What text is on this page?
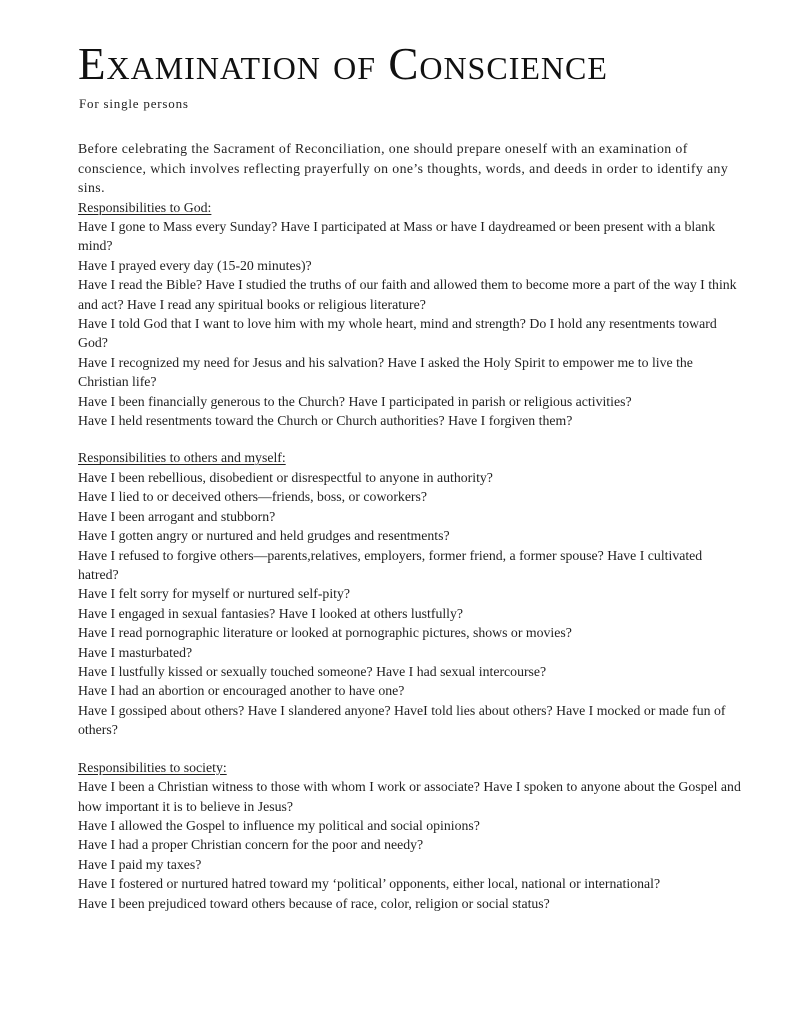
Examination of Conscience
For single persons

Before celebrating the Sacrament of Reconciliation, one should prepare oneself with an examination of conscience, which involves reflecting prayerfully on one’s thoughts, words, and deeds in order to identify any sins.

Responsibilities to God:

Have I gone to Mass every Sunday? Have I participated at Mass or have I daydreamed or been present with a blank mind?

Have I prayed every day (15-20 minutes)?

Have I read the Bible? Have I studied the truths of our faith and allowed them to become more a part of the way I think and act? Have I read any spiritual books or religious literature?

Have I told God that I want to love him with my whole heart, mind and strength? Do I hold any resentments toward God?

Have I recognized my need for Jesus and his salvation? Have I asked the Holy Spirit to empower me to live the Christian life?

Have I been financially generous to the Church? Have I participated in parish or religious activities?

Have I held resentments toward the Church or Church authorities? Have I forgiven them?

Responsibilities to others and myself:

Have I been rebellious, disobedient or disrespectful to anyone in authority?

Have I lied to or deceived others—friends, boss, or coworkers?

Have I been arrogant and stubborn?

Have I gotten angry or nurtured and held grudges and resentments?

Have I refused to forgive others—parents,relatives, employers, former friend, a former spouse? Have I cultivated hatred?

Have I felt sorry for myself or nurtured self-pity?

Have I engaged in sexual fantasies? Have I looked at others lustfully?

Have I read pornographic literature or looked at pornographic pictures, shows or movies?

Have I masturbated?

Have I lustfully kissed or sexually touched someone? Have I had sexual intercourse?

Have I had an abortion or encouraged another to have one?

Have I gossiped about others? Have I slandered anyone? HaveI told lies about others? Have I mocked or made fun of others?

Responsibilities to society:

Have I been a Christian witness to those with whom I work or associate? Have I spoken to anyone about the Gospel and how important it is to believe in Jesus?

Have I allowed the Gospel to influence my political and social opinions?

Have I had a proper Christian concern for the poor and needy?

Have I paid my taxes?

Have I fostered or nurtured hatred toward my ‘political’ opponents, either local, national or international?

Have I been prejudiced toward others because of race, color, religion or social status?
